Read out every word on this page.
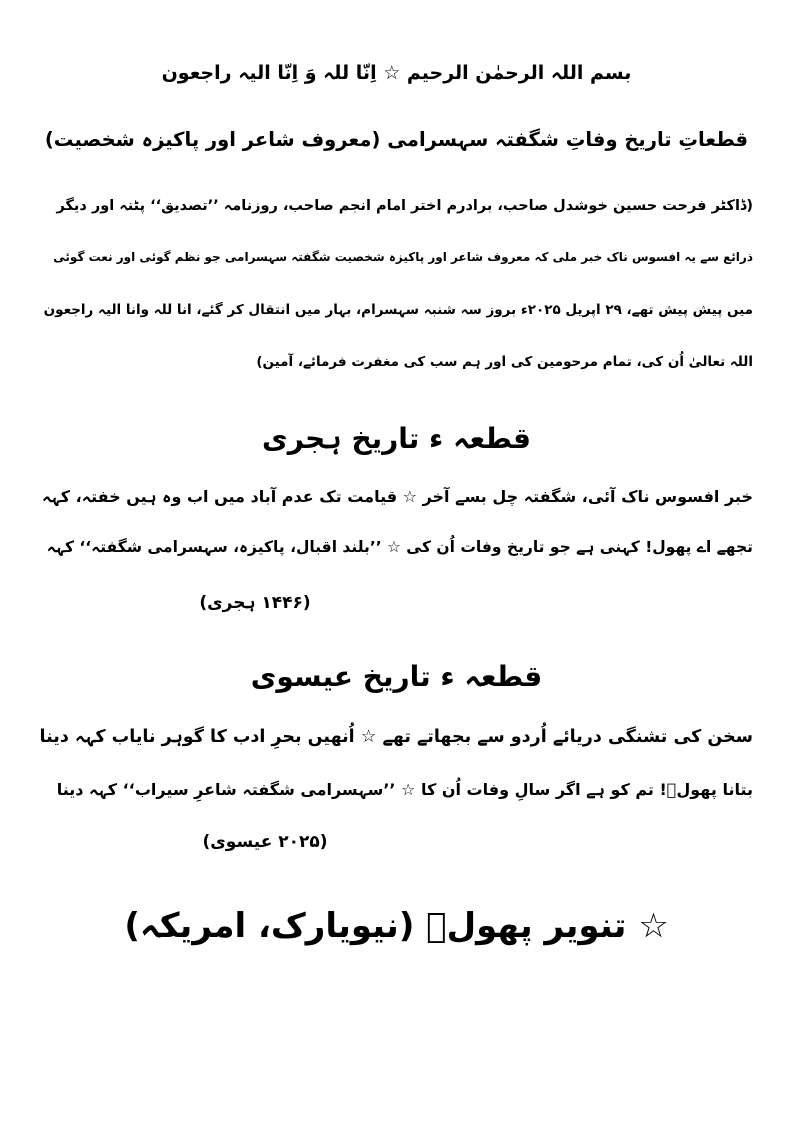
بسم اللہ الرحمٰن الرحیم ☆ اِنّا للہ وَ اِنّا الیہ راجعون
قطعاتِ تاریخ وفاتِ شگفتہ سہسرامی (معروف شاعر اور پاکیزہ شخصیت)
(ڈاکٹر فرحت حسین خوشدل صاحب، برادرم اختر امام انجم صاحب، روزنامہ ’’تصدیق‘‘ پٹنہ اور دیگر
ذرائع سے یہ افسوس ناک خبر ملی کہ معروف شاعر اور پاکیزہ شخصیت شگفتہ سہسرامی جو نظم گوئی اور نعت گوئی
میں پیش پیش تھے، ۲۹ اپریل ۲۰۲۵ء بروز سہ شنبہ سہسرام، بہار میں انتقال کر گئے، انا للہ وانا الیہ راجعون
اللہ تعالیٰ اُن کی، تمام مرحومین کی اور ہم سب کی مغفرت فرمائے، آمین)
قطعہ ء تاریخ ہجری
خبر افسوس ناک آئی، شگفتہ چل بسے آخر ☆ قیامت تک عدم آباد میں اب وہ ہیں خفتہ، کہہ
تجھے اے پھول! کہنی ہے جو تاریخ وفات اُن کی ☆ ’’بلند اقبال، پاکیزہ، سہسرامی شگفتہ‘‘ کہہ
(۱۴۴۶ ہجری)
قطعہ ء تاریخ عیسوی
سخن کی تشنگی دریائے اُردو سے بجھاتے تھے ☆ اُنھیں بحرِ ادب کا گوہر نایاب کہہ دینا
بتانا پھولؔ! تم کو ہے اگر سالِ وفات اُن کا ☆ ’’سہسرامی شگفتہ شاعرِ سیراب‘‘ کہہ دینا
(۲۰۲۵ عیسوی)
☆ تنویر پھولؔ (نیویارک، امریکہ)
